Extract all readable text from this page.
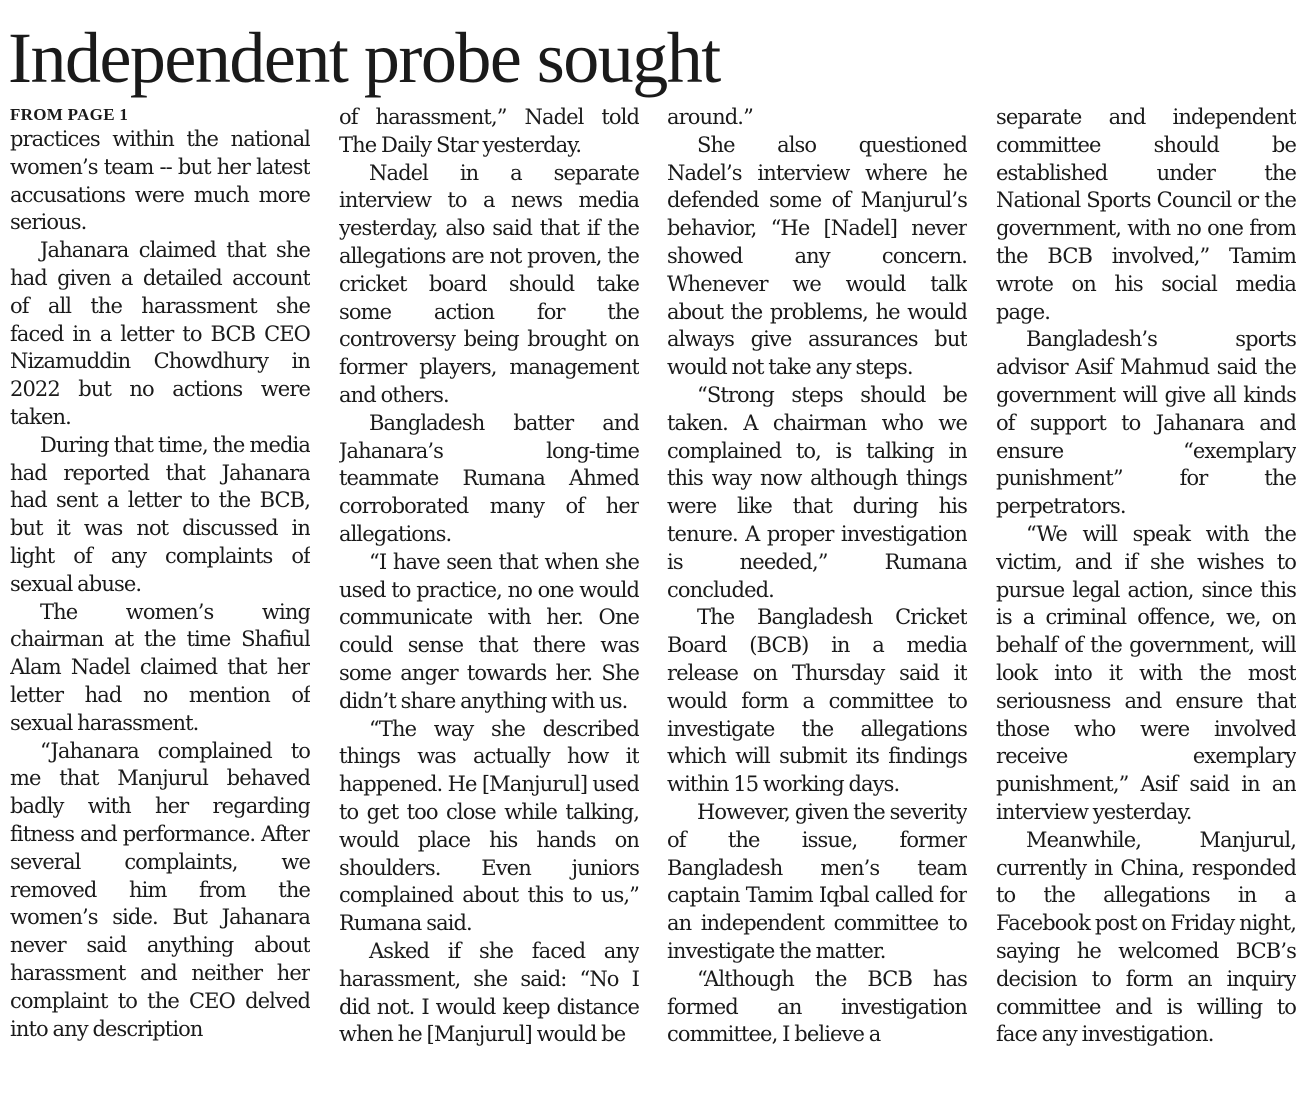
Independent probe sought
FROM PAGE 1

practices within the national women’s team -- but her latest accusations were much more serious.

Jahanara claimed that she had given a detailed account of all the harassment she faced in a letter to BCB CEO Nizamuddin Chowdhury in 2022 but no actions were taken.

During that time, the media had reported that Jahanara had sent a letter to the BCB, but it was not discussed in light of any complaints of sexual abuse.

The women’s wing chairman at the time Shafiul Alam Nadel claimed that her letter had no mention of sexual harassment.

“Jahanara complained to me that Manjurul behaved badly with her regarding fitness and performance. After several complaints, we removed him from the women’s side. But Jahanara never said anything about harassment and neither her complaint to the CEO delved into any description

of harassment,” Nadel told The Daily Star yesterday.

Nadel in a separate interview to a news media yesterday, also said that if the allegations are not proven, the cricket board should take some action for the controversy being brought on former players, management and others.

Bangladesh batter and Jahanara’s long-time teammate Rumana Ahmed corroborated many of her allegations.

“I have seen that when she used to practice, no one would communicate with her. One could sense that there was some anger towards her. She didn’t share anything with us.

“The way she described things was actually how it happened. He [Manjurul] used to get too close while talking, would place his hands on shoulders. Even juniors complained about this to us,” Rumana said.

Asked if she faced any harassment, she said: “No I did not. I would keep distance when he [Manjurul] would be

around.”

She also questioned Nadel’s interview where he defended some of Manjurul’s behavior, “He [Nadel] never showed any concern. Whenever we would talk about the problems, he would always give assurances but would not take any steps.

“Strong steps should be taken. A chairman who we complained to, is talking in this way now although things were like that during his tenure. A proper investigation is needed,” Rumana concluded.

The Bangladesh Cricket Board (BCB) in a media release on Thursday said it would form a committee to investigate the allegations which will submit its findings within 15 working days.

However, given the severity of the issue, former Bangladesh men’s team captain Tamim Iqbal called for an independent committee to investigate the matter.

“Although the BCB has formed an investigation committee, I believe a

separate and independent committee should be established under the National Sports Council or the government, with no one from the BCB involved,” Tamim wrote on his social media page.

Bangladesh’s sports advisor Asif Mahmud said the government will give all kinds of support to Jahanara and ensure “exemplary punishment” for the perpetrators.

“We will speak with the victim, and if she wishes to pursue legal action, since this is a criminal offence, we, on behalf of the government, will look into it with the most seriousness and ensure that those who were involved receive exemplary punishment,” Asif said in an interview yesterday.

Meanwhile, Manjurul, currently in China, responded to the allegations in a Facebook post on Friday night, saying he welcomed BCB’s decision to form an inquiry committee and is willing to face any investigation.
